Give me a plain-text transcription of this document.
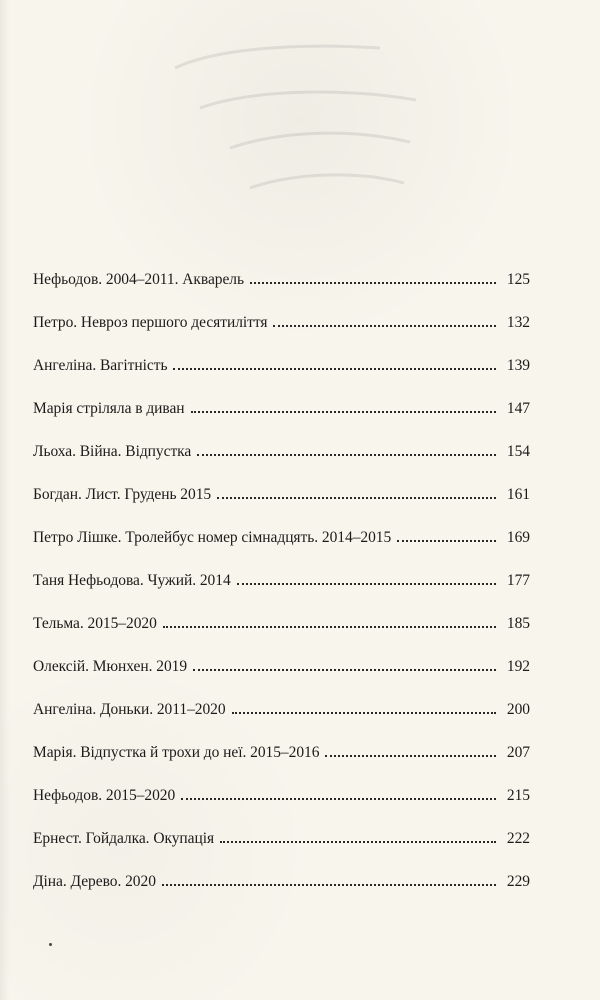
Нефьодов. 2004–2011. Акварель	125
Петро. Невроз першого десятиліття	132
Ангеліна. Вагітність	139
Марія стріляла в диван	147
Льоха. Війна. Відпустка	154
Богдан. Лист. Грудень 2015	161
Петро Лішке. Тролейбус номер сімнадцять. 2014–2015	169
Таня Нефьодова. Чужий. 2014	177
Тельма. 2015–2020	185
Олексій. Мюнхен. 2019	192
Ангеліна. Доньки. 2011–2020	200
Марія. Відпустка й трохи до неї. 2015–2016	207
Нефьодов. 2015–2020	215
Ернест. Гойдалка. Окупація	222
Діна. Дерево. 2020	229
